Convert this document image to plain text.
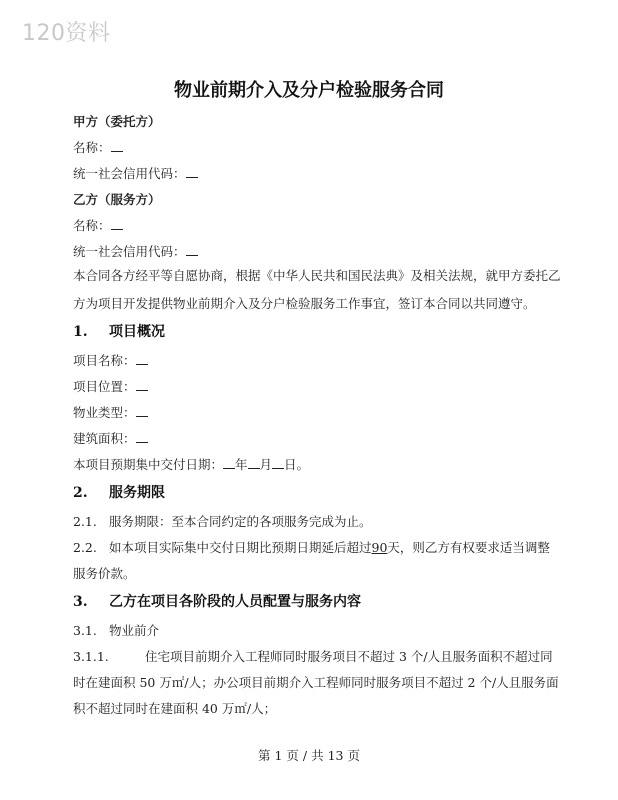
120资料
物业前期介入及分户检验服务合同
甲方（委托方）
名称：
统一社会信用代码：
乙方（服务方）
名称：
统一社会信用代码：
本合同各方经平等自愿协商，根据《中华人民共和国民法典》及相关法规，就甲方委托乙
方为项目开发提供物业前期介入及分户检验服务工作事宜，签订本合同以共同遵守。
1. 项目概况
项目名称：
项目位置：
物业类型：
建筑面积：
本项目预期集中交付日期： 年 月 日。
2. 服务期限
2.1. 服务期限：至本合同约定的各项服务完成为止。
2.2. 如本项目实际集中交付日期比预期日期延后超过90天，则乙方有权要求适当调整
服务价款。
3. 乙方在项目各阶段的人员配置与服务内容
3.1. 物业前介
3.1.1.	住宅项目前期介入工程师同时服务项目不超过 3 个/人且服务面积不超过同
时在建面积 50 万㎡/人；办公项目前期介入工程师同时服务项目不超过 2 个/人且服务面
积不超过同时在建面积 40 万㎡/人；
第 1 页 / 共 13 页
